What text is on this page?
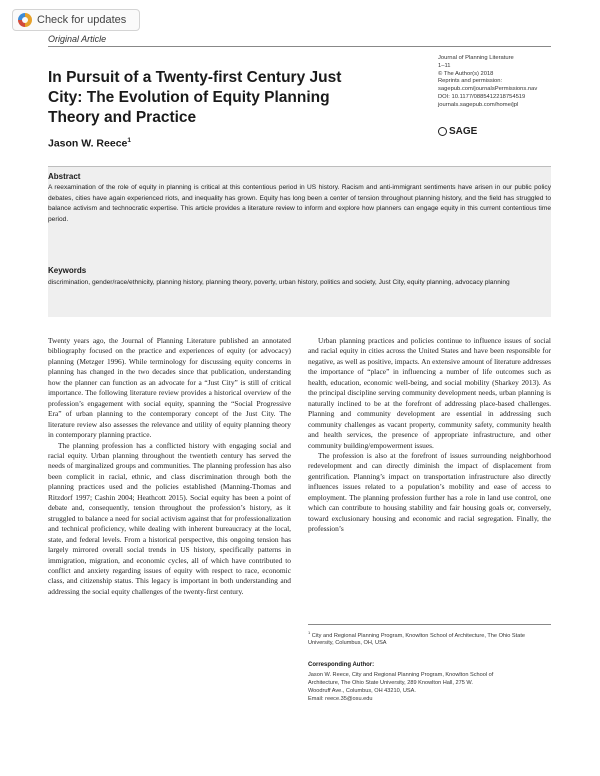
Check for updates
Original Article
In Pursuit of a Twenty-first Century Just City: The Evolution of Equity Planning Theory and Practice
Jason W. Reece$^1$
Journal of Planning Literature
1–11
© The Author(s) 2018
Reprints and permission:
sagepub.com/journalsPermissions.nav
DOI: 10.1177/0885412218754519
journals.sagepub.com/home/jpl
SAGE
Abstract

A reexamination of the role of equity in planning is critical at this contentious period in US history. Racism and anti-immigrant sentiments have arisen in our public policy debates, cities have again experienced riots, and inequality has grown. Equity has long been a center of tension throughout planning history, and the field has struggled to balance activism and technocratic expertise. This article provides a literature review to inform and explore how planners can engage equity in this current contentious time period.

Keywords

discrimination, gender/race/ethnicity, planning history, planning theory, poverty, urban history, politics and society, Just City, equity planning, advocacy planning

Twenty years ago, the Journal of Planning Literature published an annotated bibliography focused on the practice and experiences of equity (or advocacy) planning (Metzger 1996). While terminology for discussing equity concerns in planning has changed in the two decades since that publication, understanding how the planner can function as an advocate for a “Just City” is still of critical importance. The following literature review provides a historical overview of the profession’s engagement with social equity, spanning the “Social Progressive Era” of urban planning to the contemporary concept of the Just City. The literature review also assesses the relevance and utility of equity planning theory in contemporary planning practice.

The planning profession has a conflicted history with engaging social and racial equity. Urban planning throughout the twentieth century has served the needs of marginalized groups and communities. The planning profession has also been complicit in racial, ethnic, and class discrimination through both the planning practices used and the policies established (Manning-Thomas and Ritzdorf 1997; Cashin 2004; Heathcott 2015). Social equity has been a point of debate and, consequently, tension throughout the profession’s history, as it struggled to balance a need for social activism against that for professionalization and technical proficiency, while dealing with inherent bureaucracy at the local, state, and federal levels. From a historical perspective, this ongoing tension has largely mirrored overall social trends in US history, specifically patterns in immigration, migration, and economic cycles, all of which have contributed to conflict and anxiety regarding issues of equity with respect to race, economic class, and citizenship status. This legacy is important in both understanding and addressing the social equity challenges of the twenty-first century.

Urban planning practices and policies continue to influence issues of social and racial equity in cities across the United States and have been responsible for negative, as well as positive, impacts. An extensive amount of literature addresses the importance of “place” in influencing a number of life outcomes such as health, education, economic well-being, and social mobility (Sharkey 2013). As the principal discipline serving community development needs, urban planning is naturally inclined to be at the forefront of addressing place-based challenges. Planning and community development are essential in addressing such community challenges as vacant property, community safety, community health and health services, the presence of appropriate infrastructure, and other community building/empowerment issues.

The profession is also at the forefront of issues surrounding neighborhood redevelopment and can directly diminish the impact of displacement from gentrification. Planning’s impact on transportation infrastructure also directly influences issues related to a population’s mobility and ease of access to employment. The planning profession further has a role in land use control, one which can contribute to housing stability and fair housing goals or, conversely, toward exclusionary housing and economic and racial segregation. Finally, the profession’s

$^1$ City and Regional Planning Program, Knowlton School of Architecture, The Ohio State University, Columbus, OH, USA

Corresponding Author:
Jason W. Reece, City and Regional Planning Program, Knowlton School of
Architecture, The Ohio State University, 289 Knowlton Hall, 275 W.
Woodruff Ave., Columbus, OH 43210, USA.
Email: reece.35@osu.edu
